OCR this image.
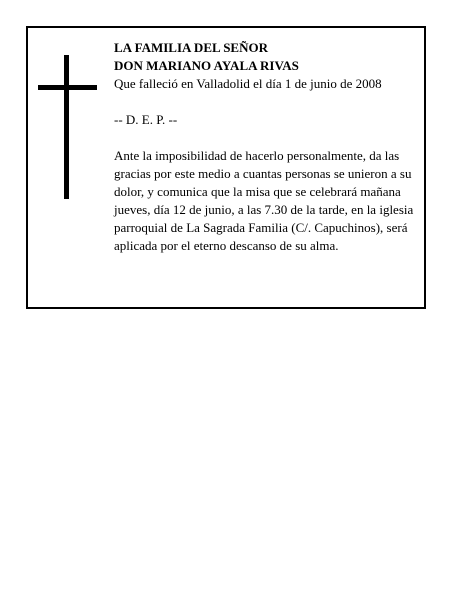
LA FAMILIA DEL SEÑOR
DON MARIANO AYALA RIVAS
Que falleció en Valladolid el día 1 de junio de 2008
-- D. E. P. --

Ante la imposibilidad de hacerlo personalmente, da las gracias por este medio a cuantas personas se unieron a su dolor, y comunica que la misa que se celebrará mañana jueves, día 12 de junio, a las 7.30 de la tarde, en la iglesia parroquial de La Sagrada Familia (C/. Capuchinos), será aplicada por el eterno descanso de su alma.
